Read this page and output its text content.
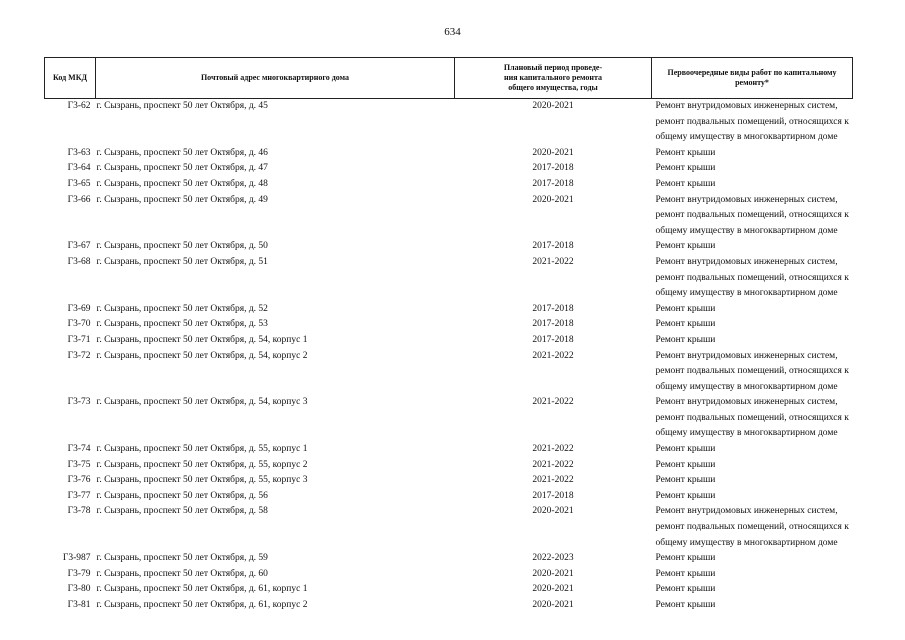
634
Код МКД	Почтовый адрес многоквартирного дома	Плановый период проведе-
ния капитального ремонта
общего имущества, годы	Первоочередные виды работ по капитальному
ремонту*

Г3-62	г. Сызрань, проспект 50 лет Октября, д. 45	2020-2021	Ремонт внутридомовых инженерных систем,
ремонт подвальных помещений, относящихся к
общему имуществу в многоквартирном доме

Г3-63	г. Сызрань, проспект 50 лет Октября, д. 46	2020-2021	Ремонт крыши

Г3-64	г. Сызрань, проспект 50 лет Октября, д. 47	2017-2018	Ремонт крыши

Г3-65	г. Сызрань, проспект 50 лет Октября, д. 48	2017-2018	Ремонт крыши

Г3-66	г. Сызрань, проспект 50 лет Октября, д. 49	2020-2021	Ремонт внутридомовых инженерных систем,
ремонт подвальных помещений, относящихся к
общему имуществу в многоквартирном доме

Г3-67	г. Сызрань, проспект 50 лет Октября, д. 50	2017-2018	Ремонт крыши

Г3-68	г. Сызрань, проспект 50 лет Октября, д. 51	2021-2022	Ремонт внутридомовых инженерных систем,
ремонт подвальных помещений, относящихся к
общему имуществу в многоквартирном доме

Г3-69	г. Сызрань, проспект 50 лет Октября, д. 52	2017-2018	Ремонт крыши

Г3-70	г. Сызрань, проспект 50 лет Октября, д. 53	2017-2018	Ремонт крыши

Г3-71	г. Сызрань, проспект 50 лет Октября, д. 54, корпус 1	2017-2018	Ремонт крыши

Г3-72	г. Сызрань, проспект 50 лет Октября, д. 54, корпус 2	2021-2022	Ремонт внутридомовых инженерных систем,
ремонт подвальных помещений, относящихся к
общему имуществу в многоквартирном доме

Г3-73	г. Сызрань, проспект 50 лет Октября, д. 54, корпус 3	2021-2022	Ремонт внутридомовых инженерных систем,
ремонт подвальных помещений, относящихся к
общему имуществу в многоквартирном доме

Г3-74	г. Сызрань, проспект 50 лет Октября, д. 55, корпус 1	2021-2022	Ремонт крыши

Г3-75	г. Сызрань, проспект 50 лет Октября, д. 55, корпус 2	2021-2022	Ремонт крыши

Г3-76	г. Сызрань, проспект 50 лет Октября, д. 55, корпус 3	2021-2022	Ремонт крыши

Г3-77	г. Сызрань, проспект 50 лет Октября, д. 56	2017-2018	Ремонт крыши

Г3-78	г. Сызрань, проспект 50 лет Октября, д. 58	2020-2021	Ремонт внутридомовых инженерных систем,
ремонт подвальных помещений, относящихся к
общему имуществу в многоквартирном доме

Г3-987	г. Сызрань, проспект 50 лет Октября, д. 59	2022-2023	Ремонт крыши

Г3-79	г. Сызрань, проспект 50 лет Октября, д. 60	2020-2021	Ремонт крыши

Г3-80	г. Сызрань, проспект 50 лет Октября, д. 61, корпус 1	2020-2021	Ремонт крыши

Г3-81	г. Сызрань, проспект 50 лет Октября, д. 61, корпус 2	2020-2021	Ремонт крыши
